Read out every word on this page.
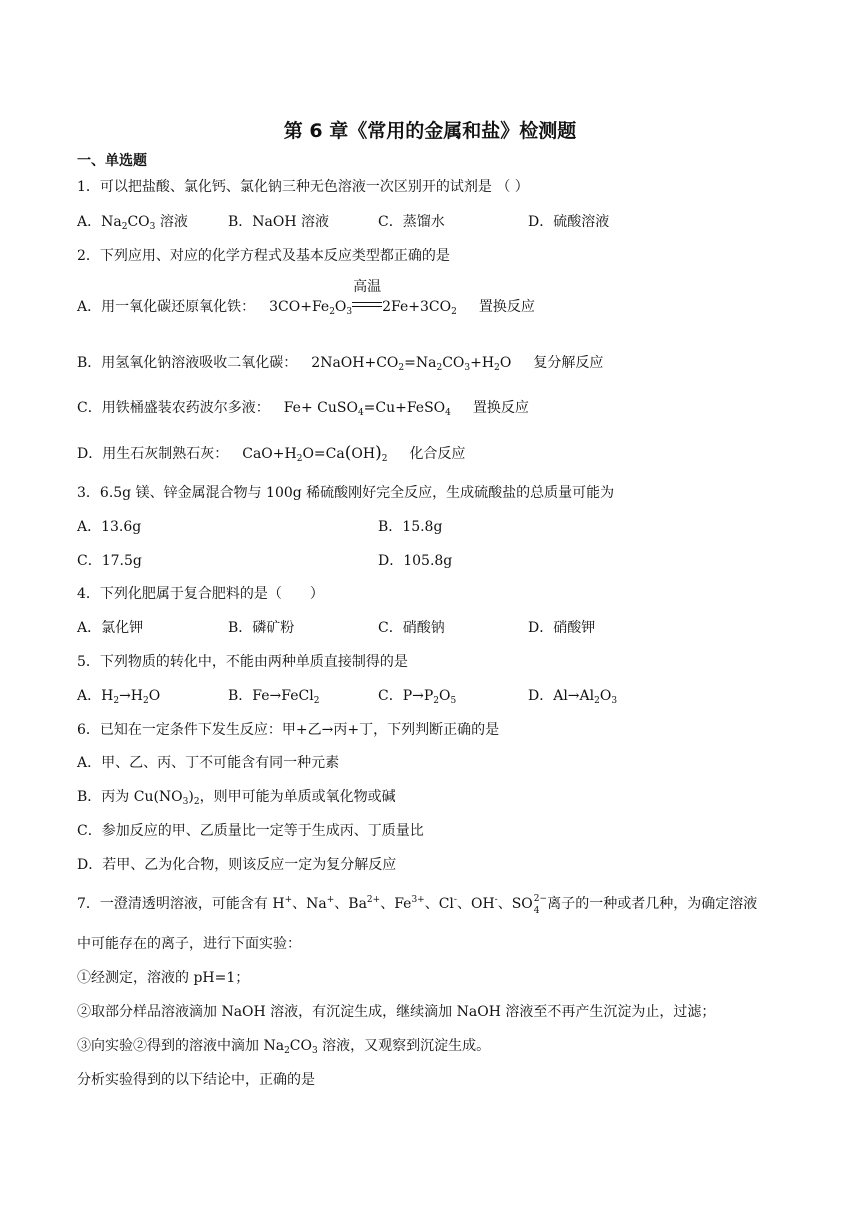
第 6 章《常用的金属和盐》检测题
一、单选题
1．可以把盐酸、氯化钙、氯化钠三种无色溶液一次区别开的试剂是 （ ）
A．$Na_2CO_3$ 溶液	B．NaOH 溶液	C．蒸馏水	D．硫酸溶液
2．下列应用、对应的化学方程式及基本反应类型都正确的是
A．用一氧化碳还原氧化铁： $3CO+Fe_2O_3$
高温
$2Fe+3CO_2$ 置换反应
B．用氢氧化钠溶液吸收二氧化碳： $2NaOH+CO_2=Na_2CO_3+H_2O$ 复分解反应
C．用铁桶盛装农药波尔多液： Fe+ CuSO$_4$=Cu+FeSO$_4$ 置换反应
D．用生石灰制熟石灰： $CaO+H_2O=Ca(OH)_2$ 化合反应
3．6.5g 镁、锌金属混合物与 100g 稀硫酸刚好完全反应，生成硫酸盐的总质量可能为
A．13.6g	B．15.8g
C．17.5g	D．105.8g
4．下列化肥属于复合肥料的是（　　）
A．氯化钾	B．磷矿粉	C．硝酸钠	D．硝酸钾
5．下列物质的转化中，不能由两种单质直接制得的是
A．$H_2\to H_2O$	B．Fe→FeCl$_2$	C．$P\to P_2O_5$	D．$Al\to Al_2O_3$
6．已知在一定条件下发生反应：甲+乙→丙+丁，下列判断正确的是
A．甲、乙、丙、丁不可能含有同一种元素
B．丙为 $Cu(NO_3)_2$，则甲可能为单质或氧化物或碱
C．参加反应的甲、乙质量比一定等于生成丙、丁质量比
D．若甲、乙为化合物，则该反应一定为复分解反应
7．一澄清透明溶液，可能含有 H+、Na+、$Ba^{2+}$、$Fe^{3+}$、Cl-、OH-、SO 2−
4 离子的一种或者几种，为确定溶液
中可能存在的离子，进行下面实验：
①经测定，溶液的 pH=1；
②取部分样品溶液滴加 NaOH 溶液，有沉淀生成，继续滴加 NaOH 溶液至不再产生沉淀为止，过滤；
③向实验②得到的溶液中滴加 $Na_2CO_3$ 溶液，又观察到沉淀生成。
分析实验得到的以下结论中，正确的是
